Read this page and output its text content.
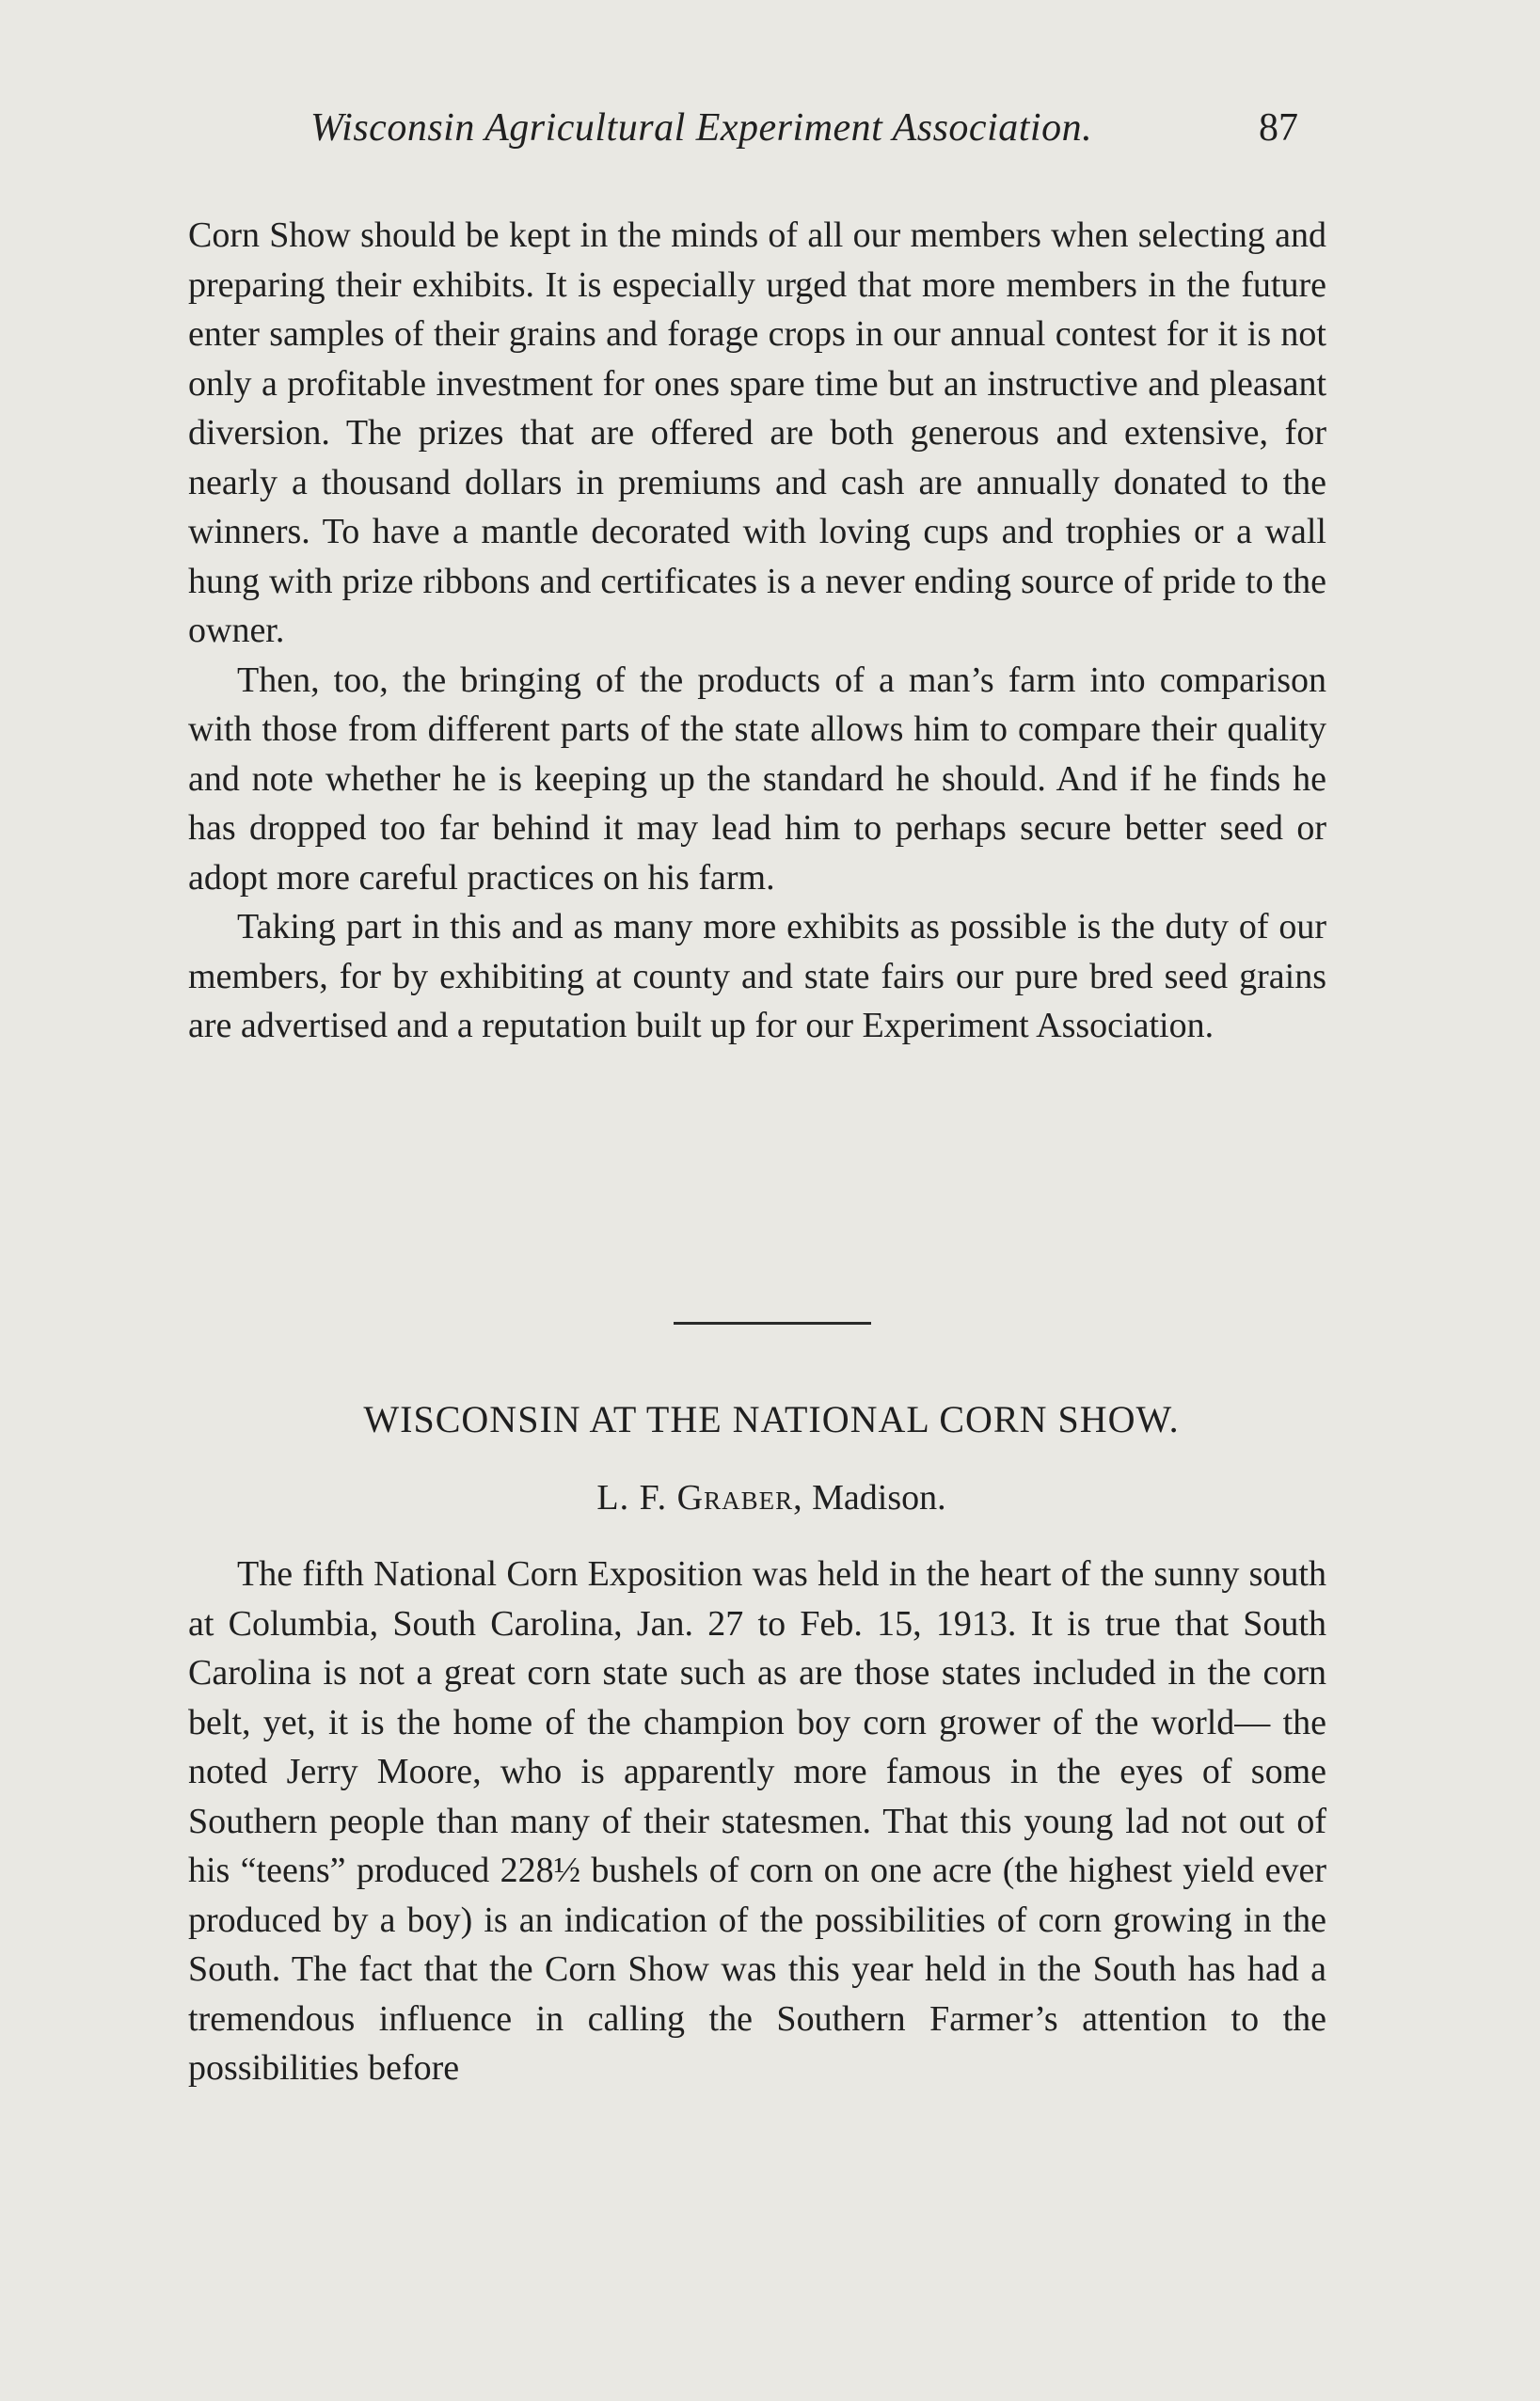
Wisconsin Agricultural Experiment Association.	87

Corn Show should be kept in the minds of all our members when selecting and preparing their exhibits. It is especially urged that more members in the future enter samples of their grains and forage crops in our annual contest for it is not only a profitable investment for ones spare time but an instructive and pleasant diversion. The prizes that are offered are both generous and extensive, for nearly a thousand dollars in premiums and cash are annually donated to the winners. To have a mantle decorated with loving cups and trophies or a wall hung with prize ribbons and certificates is a never ending source of pride to the owner.

Then, too, the bringing of the products of a man’s farm into comparison with those from different parts of the state allows him to compare their quality and note whether he is keeping up the standard he should. And if he finds he has dropped too far behind it may lead him to perhaps secure better seed or adopt more careful practices on his farm.

Taking part in this and as many more exhibits as possible is the duty of our members, for by exhibiting at county and state fairs our pure bred seed grains are advertised and a reputation built up for our Experiment Association.

WISCONSIN AT THE NATIONAL CORN SHOW.
L. F. Graber, Madison.

The fifth National Corn Exposition was held in the heart of the sunny south at Columbia, South Carolina, Jan. 27 to Feb. 15, 1913. It is true that South Carolina is not a great corn state such as are those states included in the corn belt, yet, it is the home of the champion boy corn grower of the world— the noted Jerry Moore, who is apparently more famous in the eyes of some Southern people than many of their statesmen. That this young lad not out of his “teens” produced 228½ bushels of corn on one acre (the highest yield ever produced by a boy) is an indication of the possibilities of corn growing in the South. The fact that the Corn Show was this year held in the South has had a tremendous influence in calling the Southern Farmer’s attention to the possibilities before
